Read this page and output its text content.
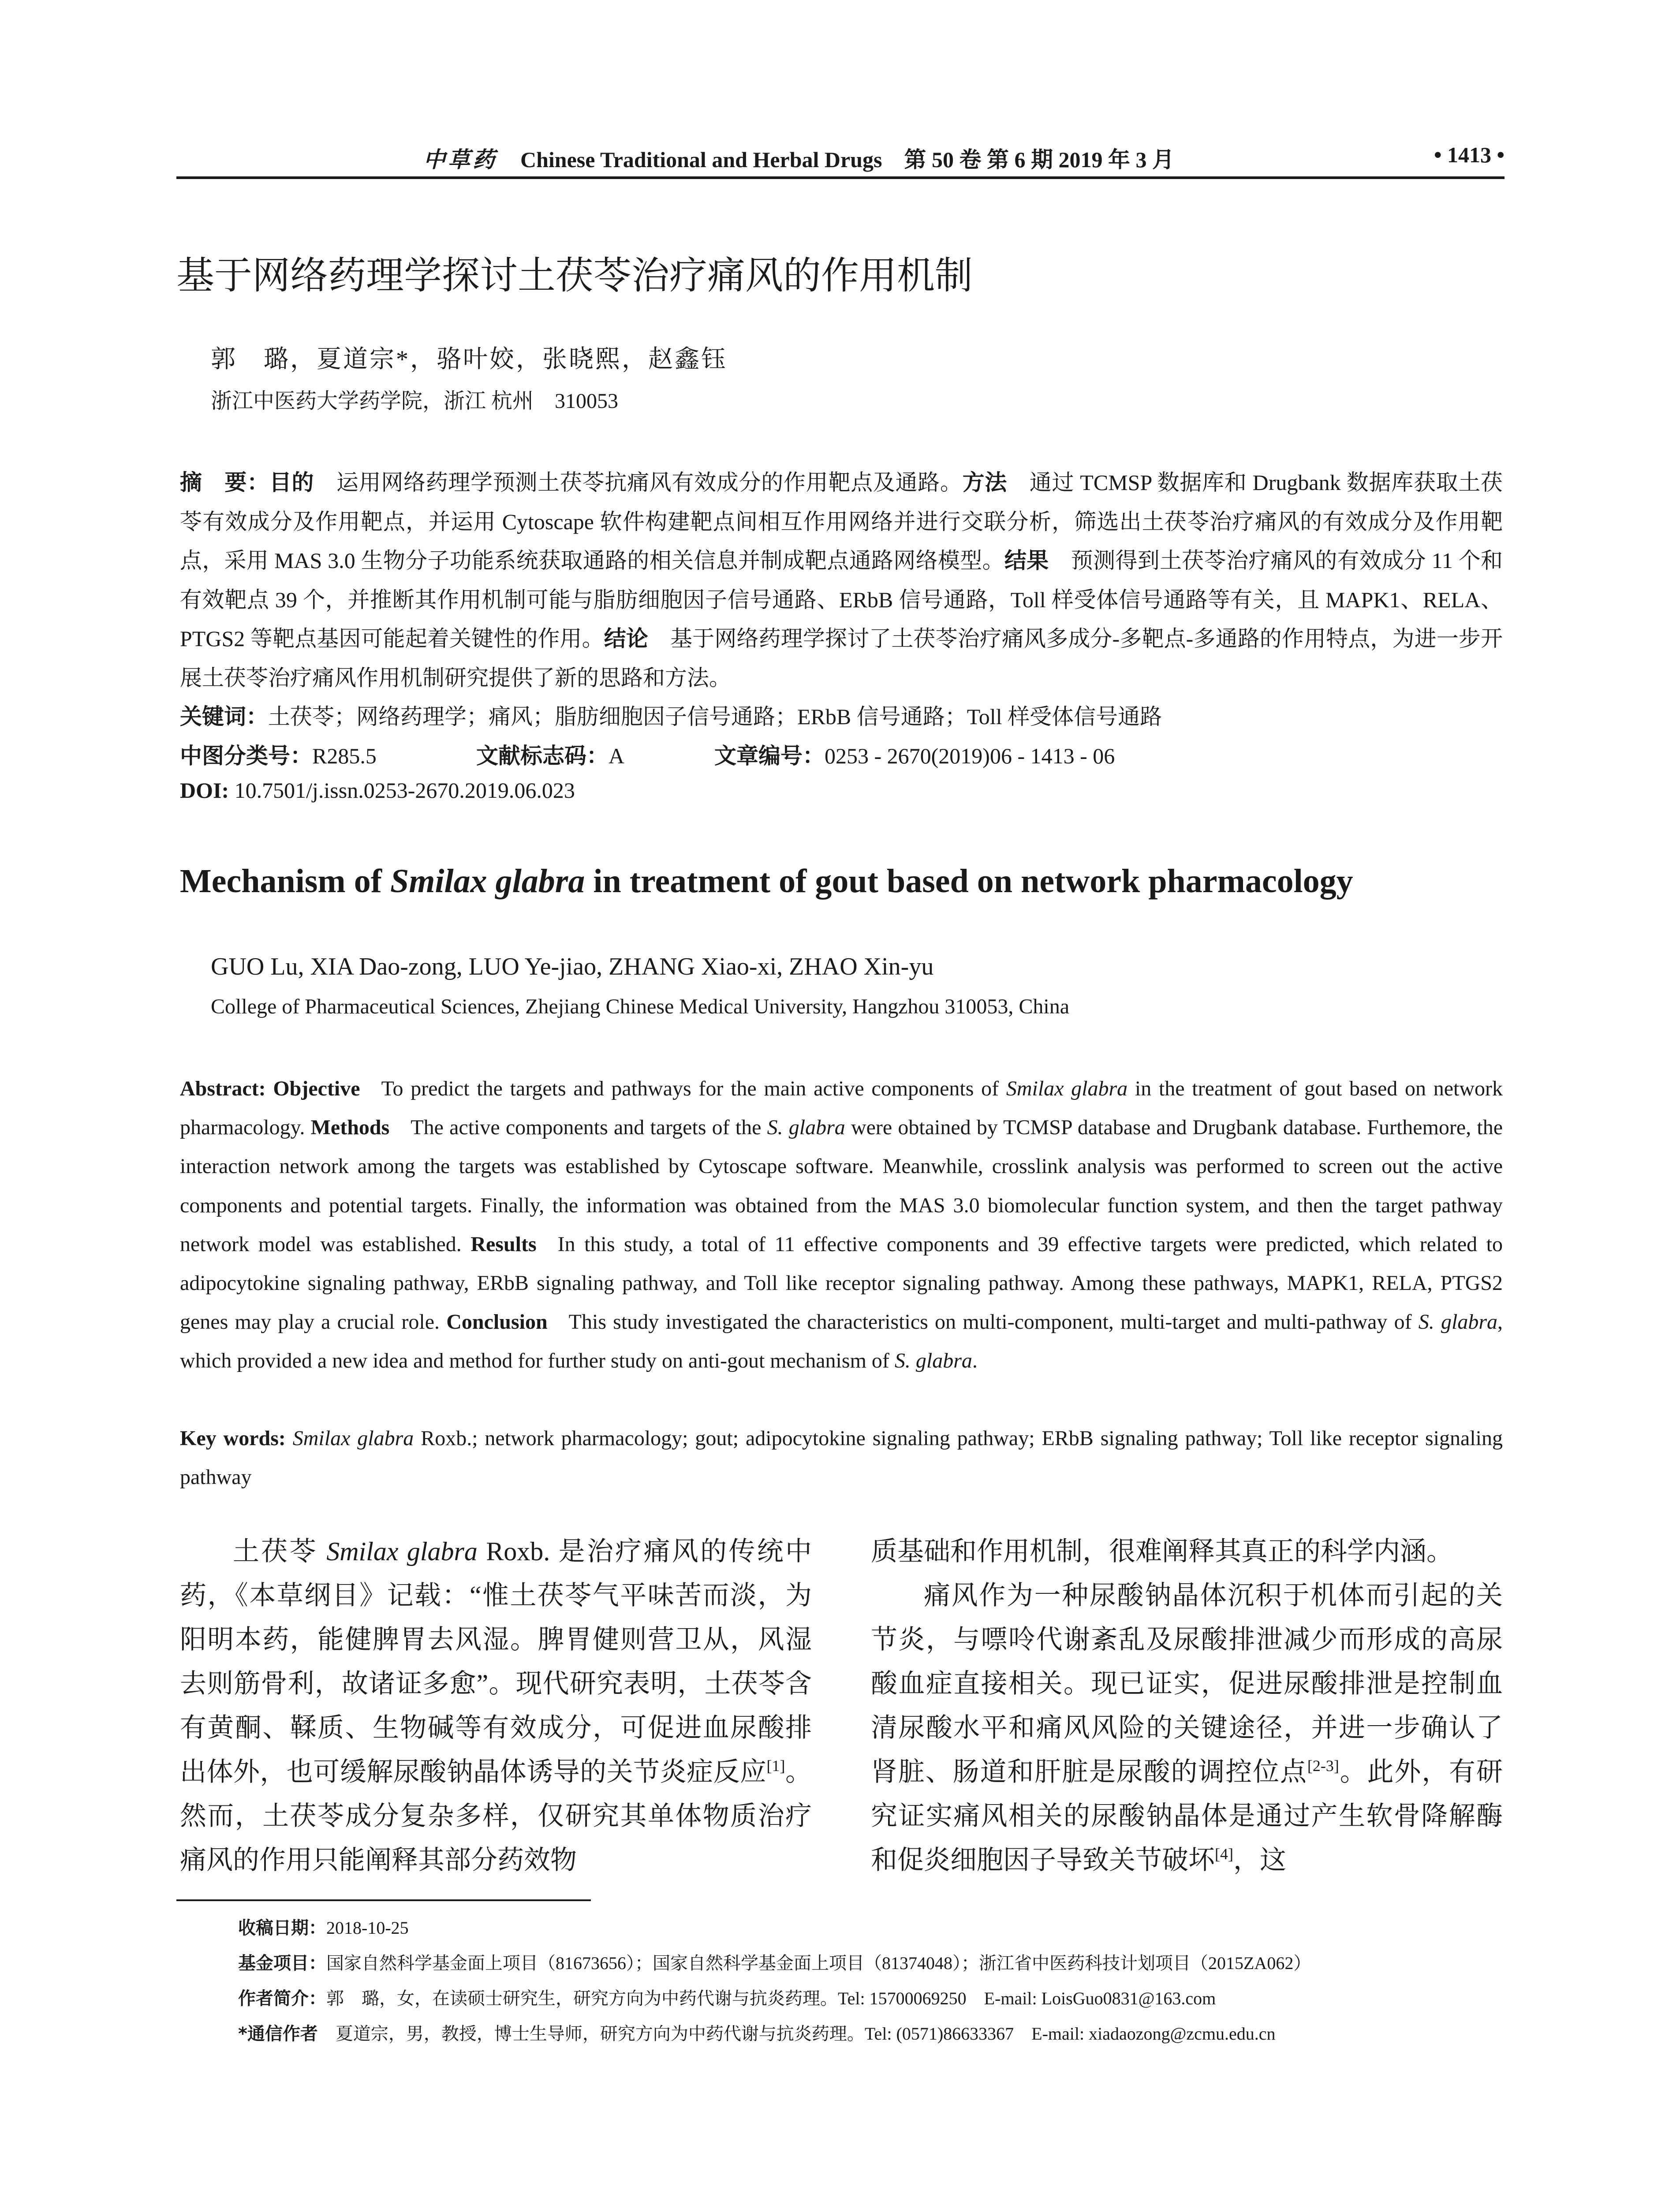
中草药 Chinese Traditional and Herbal Drugs　第 50 卷 第 6 期 2019 年 3 月	• 1413 •
基于网络药理学探讨土茯苓治疗痛风的作用机制
郭　璐，夏道宗*，骆叶姣，张晓熙，赵鑫钰
浙江中医药大学药学院，浙江 杭州　310053
摘　要：目的  运用网络药理学预测土茯苓抗痛风有效成分的作用靶点及通路。方法  通过 TCMSP 数据库和 Drugbank 数据库获取土茯苓有效成分及作用靶点，并运用 Cytoscape 软件构建靶点间相互作用网络并进行交联分析，筛选出土茯苓治疗痛风的有效成分及作用靶点，采用 MAS 3.0 生物分子功能系统获取通路的相关信息并制成靶点通路网络模型。结果  预测得到土茯苓治疗痛风的有效成分 11 个和有效靶点 39 个，并推断其作用机制可能与脂肪细胞因子信号通路、ERbB 信号通路，Toll 样受体信号通路等有关，且 MAPK1、RELA、PTGS2 等靶点基因可能起着关键性的作用。结论  基于网络药理学探讨了土茯苓治疗痛风多成分-多靶点-多通路的作用特点，为进一步开展土茯苓治疗痛风作用机制研究提供了新的思路和方法。
关键词：土茯苓；网络药理学；痛风；脂肪细胞因子信号通路；ERbB 信号通路；Toll 样受体信号通路
中图分类号：R285.5	文献标志码：A	文章编号：0253 - 2670(2019)06 - 1413 - 06
DOI: 10.7501/j.issn.0253-2670.2019.06.023
Mechanism of Smilax glabra in treatment of gout based on network pharmacology
GUO Lu, XIA Dao-zong, LUO Ye-jiao, ZHANG Xiao-xi, ZHAO Xin-yu
College of Pharmaceutical Sciences, Zhejiang Chinese Medical University, Hangzhou 310053, China
Abstract: Objective  To predict the targets and pathways for the main active components of Smilax glabra in the treatment of gout based on network pharmacology. Methods  The active components and targets of the S. glabra were obtained by TCMSP database and Drugbank database. Furthemore, the interaction network among the targets was established by Cytoscape software. Meanwhile, crosslink analysis was performed to screen out the active components and potential targets. Finally, the information was obtained from the MAS 3.0 biomolecular function system, and then the target pathway network model was established. Results  In this study, a total of 11 effective components and 39 effective targets were predicted, which related to adipocytokine signaling pathway, ERbB signaling pathway, and Toll like receptor signaling pathway. Among these pathways, MAPK1, RELA, PTGS2 genes may play a crucial role. Conclusion  This study investigated the characteristics on multi-component, multi-target and multi-pathway of S. glabra, which provided a new idea and method for further study on anti-gout mechanism of S. glabra.
Key words: Smilax glabra Roxb.; network pharmacology; gout; adipocytokine signaling pathway; ERbB signaling pathway; Toll like receptor signaling pathway

土茯苓 Smilax glabra Roxb. 是治疗痛风的传统中药，《本草纲目》记载：“惟土茯苓气平味苦而淡，为阳明本药，能健脾胃去风湿。脾胃健则营卫从，风湿去则筋骨利，故诸证多愈”。现代研究表明，土茯苓含有黄酮、鞣质、生物碱等有效成分，可促进血尿酸排出体外，也可缓解尿酸钠晶体诱导的关节炎症反应[1]。然而，土茯苓成分复杂多样，仅研究其单体物质治疗痛风的作用只能阐释其部分药效物

质基础和作用机制，很难阐释其真正的科学内涵。

痛风作为一种尿酸钠晶体沉积于机体而引起的关节炎，与嘌呤代谢紊乱及尿酸排泄减少而形成的高尿酸血症直接相关。现已证实，促进尿酸排泄是控制血清尿酸水平和痛风风险的关键途径，并进一步确认了肾脏、肠道和肝脏是尿酸的调控位点[2-3]。此外，有研究证实痛风相关的尿酸钠晶体是通过产生软骨降解酶和促炎细胞因子导致关节破坏[4]，这

收稿日期：2018-10-25
基金项目：国家自然科学基金面上项目（81673656）；国家自然科学基金面上项目（81374048）；浙江省中医药科技计划项目（2015ZA062）
作者简介：郭　璐，女，在读硕士研究生，研究方向为中药代谢与抗炎药理。Tel: 15700069250　E-mail: LoisGuo0831@163.com
*通信作者　夏道宗，男，教授，博士生导师，研究方向为中药代谢与抗炎药理。Tel: (0571)86633367　E-mail: xiadaozong@zcmu.edu.cn
